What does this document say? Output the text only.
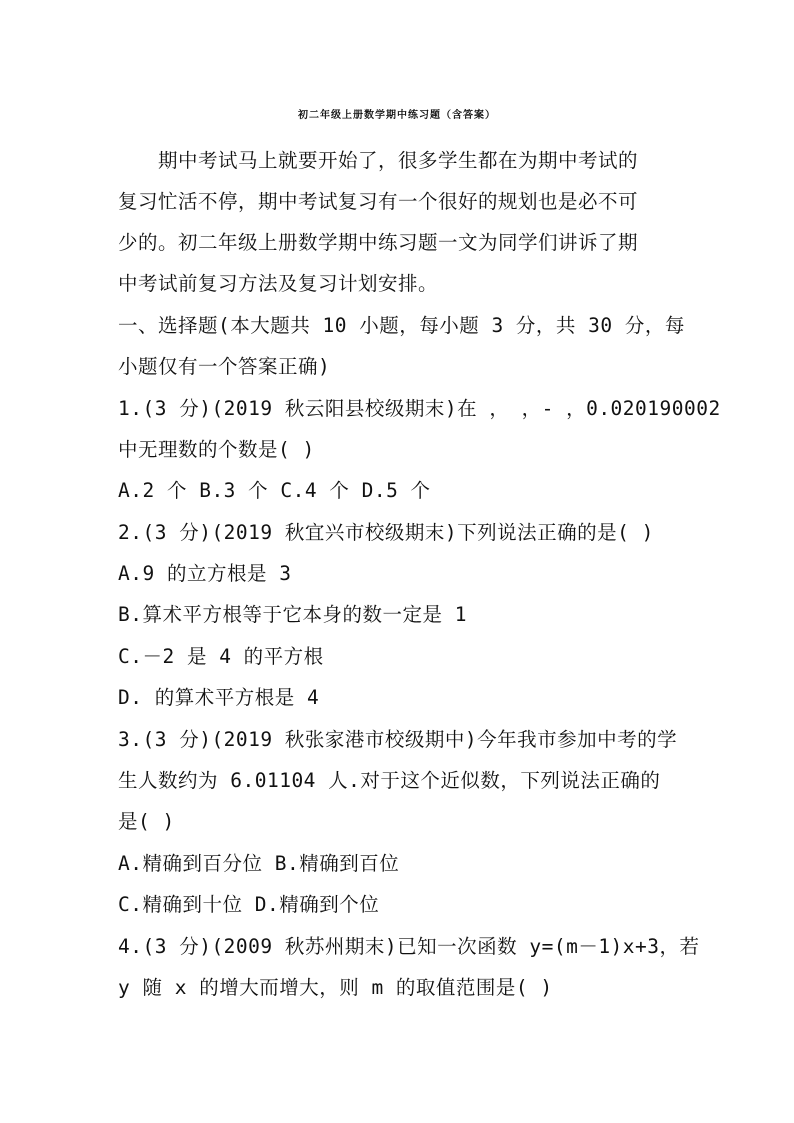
初二年级上册数学期中练习题（含答案）
期中考试马上就要开始了，很多学生都在为期中考试的
复习忙活不停，期中考试复习有一个很好的规划也是必不可
少的。初二年级上册数学期中练习题一文为同学们讲诉了期
中考试前复习方法及复习计划安排。
一、选择题(本大题共 10 小题，每小题 3 分，共 30 分，每
小题仅有一个答案正确)
1.(3 分)(2019 秋云阳县校级期末)在 ， ，- ，0.020190002
中无理数的个数是( )
A.2 个 B.3 个 C.4 个 D.5 个
2.(3 分)(2019 秋宜兴市校级期末)下列说法正确的是( )
A.9 的立方根是 3
B.算术平方根等于它本身的数一定是 1
C.－2 是 4 的平方根
D. 的算术平方根是 4
3.(3 分)(2019 秋张家港市校级期中)今年我市参加中考的学
生人数约为 6.01104 人.对于这个近似数，下列说法正确的
是( )
A.精确到百分位 B.精确到百位
C.精确到十位 D.精确到个位
4.(3 分)(2009 秋苏州期末)已知一次函数 y=(m－1)x+3，若
y 随 x 的增大而增大，则 m 的取值范围是( )
